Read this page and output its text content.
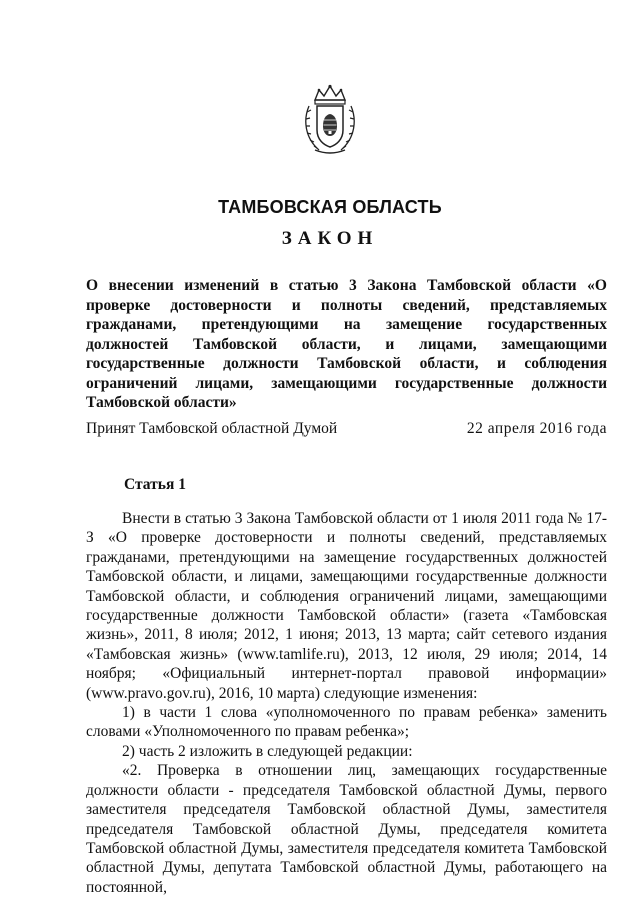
ТАМБОВСКАЯ ОБЛАСТЬ
ЗАКОН
О внесении изменений в статью 3 Закона Тамбовской области «О проверке достоверности и полноты сведений, представляемых гражданами, претендующими на замещение государственных должностей Тамбовской области, и лицами, замещающими государственные должности Тамбовской области, и соблюдения ограничений лицами, замещающими государственные должности Тамбовской области»
Принят Тамбовской областной Думой	22 апреля 2016 года
Статья 1

Внести в статью 3 Закона Тамбовской области от 1 июля 2011 года № 17-З «О проверке достоверности и полноты сведений, представляемых гражданами, претендующими на замещение государственных должностей Тамбовской области, и лицами, замещающими государственные должности Тамбовской области, и соблюдения ограничений лицами, замещающими государственные должности Тамбовской области» (газета «Тамбовская жизнь», 2011, 8 июля; 2012, 1 июня; 2013, 13 марта; сайт сетевого издания «Тамбовская жизнь» (www.tamlife.ru), 2013, 12 июля, 29 июля; 2014, 14 ноября; «Официальный интернет-портал правовой информации» (www.pravo.gov.ru), 2016, 10 марта) следующие изменения:

1) в части 1 слова «уполномоченного по правам ребенка» заменить словами «Уполномоченного по правам ребенка»;

2) часть 2 изложить в следующей редакции:

«2. Проверка в отношении лиц, замещающих государственные должности области - председателя Тамбовской областной Думы, первого заместителя председателя Тамбовской областной Думы, заместителя председателя Тамбовской областной Думы, председателя комитета Тамбовской областной Думы, заместителя председателя комитета Тамбовской областной Думы, депутата Тамбовской областной Думы, работающего на постоянной,
